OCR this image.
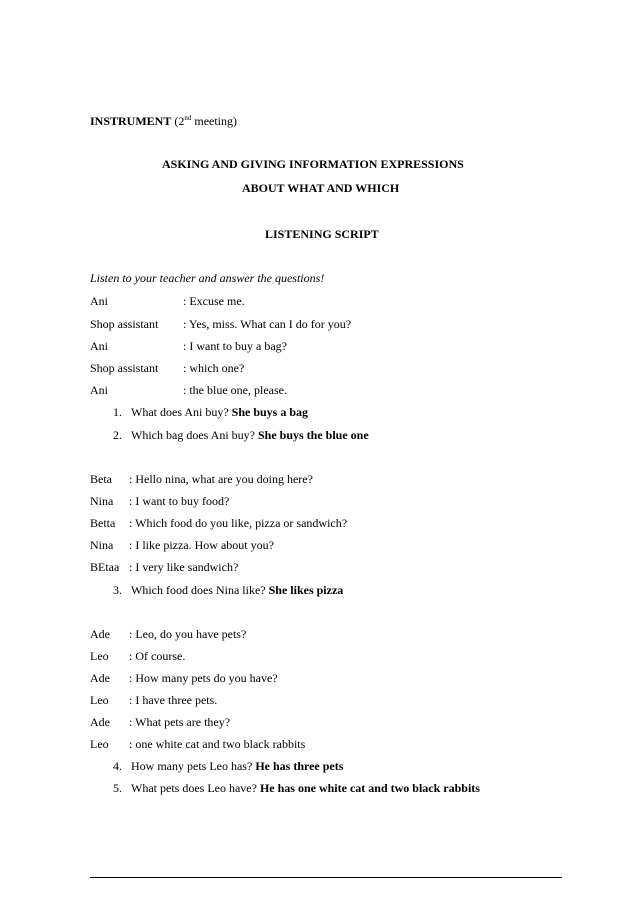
INSTRUMENT (2nd meeting)
ASKING AND GIVING INFORMATION EXPRESSIONS
ABOUT WHAT AND WHICH
LISTENING SCRIPT
Listen to your teacher and answer the questions!
Ani	: Excuse me.
Shop assistant : Yes, miss. What can I do for you?
Ani	: I want to buy a bag?
Shop assistant : which one?
Ani	: the blue one, please.
1. What does Ani buy? She buys a bag
2. Which bag does Ani buy? She buys the blue one
Beta : Hello nina, what are you doing here?
Nina : I want to buy food?
Betta : Which food do you like, pizza or sandwich?
Nina : I like pizza. How about you?
BEtaa : I very like sandwich?
3. Which food does Nina like? She likes pizza
Ade : Leo, do you have pets?
Leo : Of course.
Ade : How many pets do you have?
Leo : I have three pets.
Ade : What pets are they?
Leo : one white cat and two black rabbits
4. How many pets Leo has? He has three pets
5. What pets does Leo have? He has one white cat and two black rabbits
